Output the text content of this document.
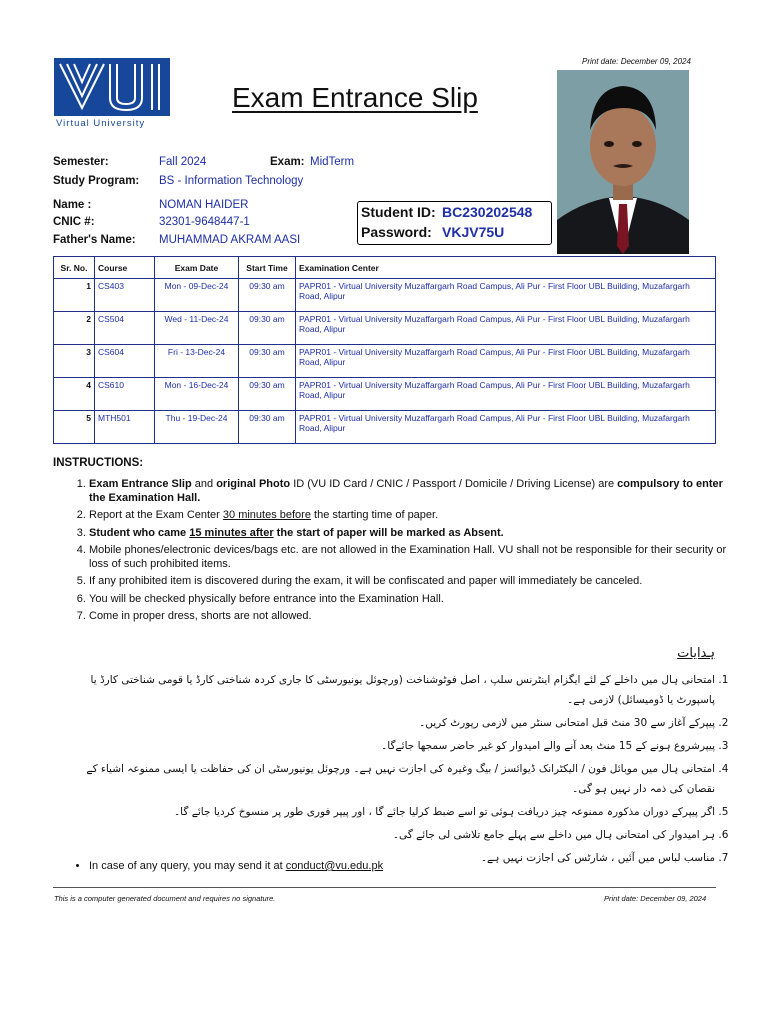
Virtual University
Print date: December 09, 2024
Exam Entrance Slip
Semester:	Fall 2024	Exam: MidTerm
Study Program: BS - Information Technology
Name :	NOMAN HAIDER
CNIC #:	32301-9648447-1
Father's Name: MUHAMMAD AKRAM AASI
Student ID: BC230202548
Password: VKJV75U
Sr. No.	Course	Exam Date	Start Time	Examination Center
1	CS403	Mon - 09-Dec-24	09:30 am	PAPR01 - Virtual University Muzaffargarh Road Campus, Ali Pur - First Floor UBL Building, Muzafargarh Road, Alipur
2	CS504	Wed - 11-Dec-24	09:30 am	PAPR01 - Virtual University Muzaffargarh Road Campus, Ali Pur - First Floor UBL Building, Muzafargarh Road, Alipur
3	CS604	Fri - 13-Dec-24	09:30 am	PAPR01 - Virtual University Muzaffargarh Road Campus, Ali Pur - First Floor UBL Building, Muzafargarh Road, Alipur
4	CS610	Mon - 16-Dec-24	09:30 am	PAPR01 - Virtual University Muzaffargarh Road Campus, Ali Pur - First Floor UBL Building, Muzafargarh Road, Alipur
5	MTH501	Thu - 19-Dec-24	09:30 am	PAPR01 - Virtual University Muzaffargarh Road Campus, Ali Pur - First Floor UBL Building, Muzafargarh Road, Alipur
INSTRUCTIONS:
1. Exam Entrance Slip and original Photo ID (VU ID Card / CNIC / Passport / Domicile / Driving License) are compulsory to enter the Examination Hall.
2. Report at the Exam Center 30 minutes before the starting time of paper.
3. Student who came 15 minutes after the start of paper will be marked as Absent.
4. Mobile phones/electronic devices/bags etc. are not allowed in the Examination Hall. VU shall not be responsible for their security or loss of such prohibited items.
5. If any prohibited item is discovered during the exam, it will be confiscated and paper will immediately be canceled.
6. You will be checked physically before entrance into the Examination Hall.
7. Come in proper dress, shorts are not allowed.
ہدایات
1. امتحانی ہال میں داخلے کے لئے ایگزام اینٹرنس سلپ ، اصل فوٹوشناخت (ورچوئل یونیورسٹی کا جاری کردہ شناختی کارڈ یا قومی شناختی کارڈ یا پاسپورٹ یا ڈومیسائل) لازمی ہے۔
2. پیپرکے آغاز سے 30 منٹ قبل امتحانی سنٹر میں لازمی رپورٹ کریں۔
3. پیپرشروع ہونے کے 15 منٹ بعد آنے والے امیدوار کو غیر حاضر سمجھا جائےگا۔
4. امتحانی ہال میں موبائل فون / الیکٹرانک ڈیوائسز / بیگ وغیرہ کی اجازت نہیں ہے۔ ورچوئل یونیورسٹی ان کی حفاظت یا ایسی ممنوعہ اشیاء کے نقصان کی ذمہ دار نہیں ہو گی۔
5. اگر پیپرکے دوران مذکورہ ممنوعہ چیز دریافت ہوئی تو اسے ضبط کرلیا جائے گا ، اور پیپر فوری طور پر منسوخ کردیا جائے گا۔
6. ہر امیدوار کی امتحانی ہال میں داخلے سے پہلے جامع تلاشی لی جائے گی۔
7. مناسب لباس میں آئیں ، شارٹس کی اجازت نہیں ہے۔
• In case of any query, you may send it at conduct@vu.edu.pk
This is a computer generated document and requires no signature.	Print date: December 09, 2024
